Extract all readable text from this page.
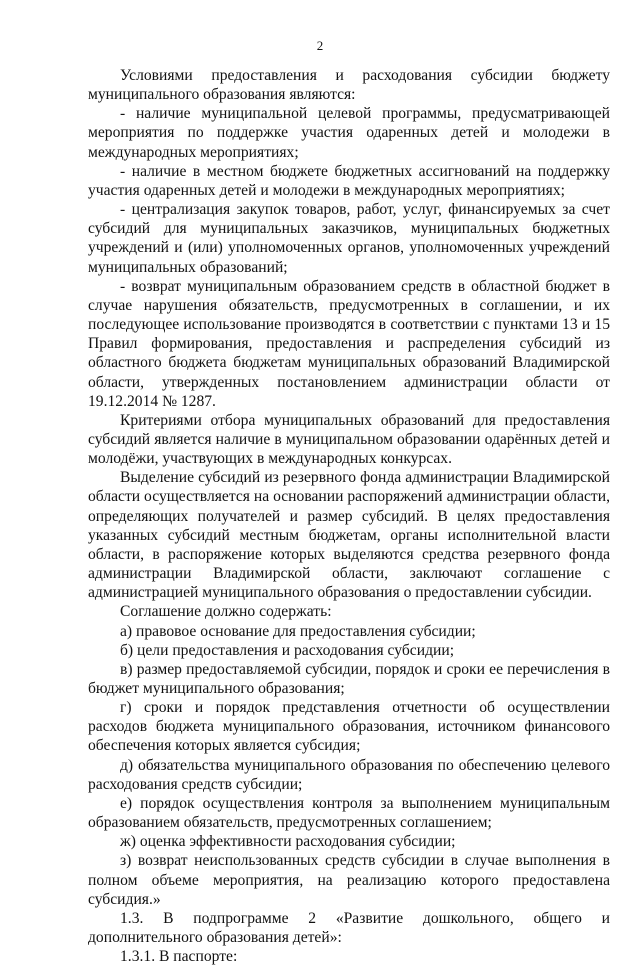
2

Условиями предоставления и расходования субсидии бюджету муниципального образования являются:

- наличие муниципальной целевой программы, предусматривающей мероприятия по поддержке участия одаренных детей и молодежи в международных мероприятиях;

- наличие в местном бюджете бюджетных ассигнований на поддержку участия одаренных детей и молодежи в международных мероприятиях;

- централизация закупок товаров, работ, услуг, финансируемых за счет субсидий для муниципальных заказчиков, муниципальных бюджетных учреждений и (или) уполномоченных органов, уполномоченных учреждений муниципальных образований;

- возврат муниципальным образованием средств в областной бюджет в случае нарушения обязательств, предусмотренных в соглашении, и их последующее использование производятся в соответствии с пунктами 13 и 15 Правил формирования, предоставления и распределения субсидий из областного бюджета бюджетам муниципальных образований Владимирской области, утвержденных постановлением администрации области от 19.12.2014 № 1287.

Критериями отбора муниципальных образований для предоставления субсидий является наличие в муниципальном образовании одарённых детей и молодёжи, участвующих в международных конкурсах.

Выделение субсидий из резервного фонда администрации Владимирской области осуществляется на основании распоряжений администрации области, определяющих получателей и размер субсидий. В целях предоставления указанных субсидий местным бюджетам, органы исполнительной власти области, в распоряжение которых выделяются средства резервного фонда администрации Владимирской области, заключают соглашение с администрацией муниципального образования о предоставлении субсидии.

Соглашение должно содержать:

а) правовое основание для предоставления субсидии;

б) цели предоставления и расходования субсидии;

в) размер предоставляемой субсидии, порядок и сроки ее перечисления в бюджет муниципального образования;

г) сроки и порядок представления отчетности об осуществлении расходов бюджета муниципального образования, источником финансового обеспечения которых является субсидия;

д) обязательства муниципального образования по обеспечению целевого расходования средств субсидии;

е) порядок осуществления контроля за выполнением муниципальным образованием обязательств, предусмотренных соглашением;

ж) оценка эффективности расходования субсидии;

з) возврат неиспользованных средств субсидии в случае выполнения в полном объеме мероприятия, на реализацию которого предоставлена субсидия.»

1.3. В подпрограмме 2 «Развитие дошкольного, общего и дополнительного образования детей»:

1.3.1. В паспорте:
